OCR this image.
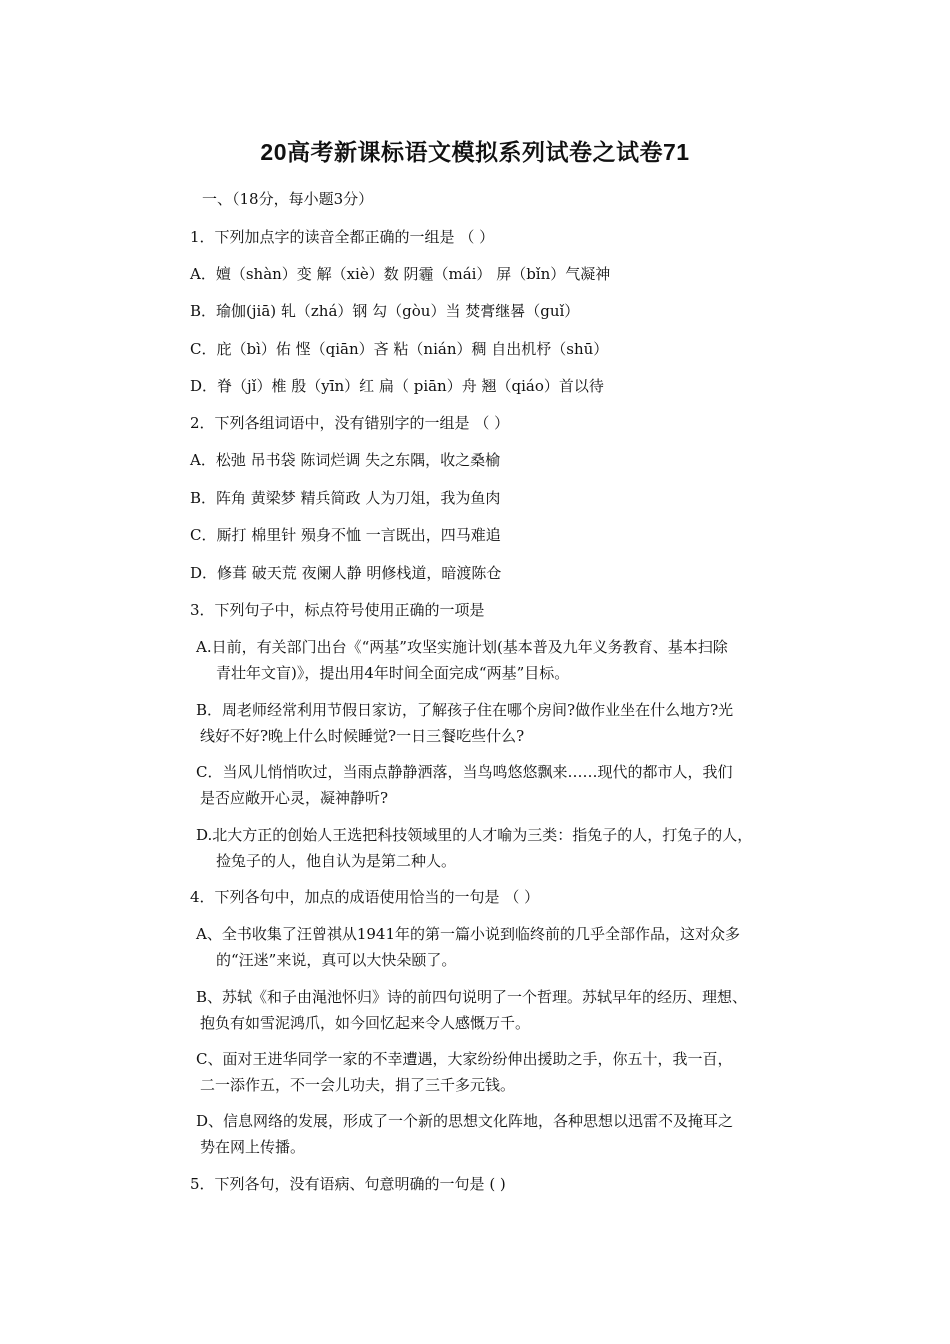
20高考新课标语文模拟系列试卷之试卷71
一、（18分，每小题3分）
1．下列加点字的读音全都正确的一组是 （ ）
A．嬗（shàn）变 解（xiè）数 阴霾（mái） 屏（bǐn）气凝神
B．瑜伽(jiā) 轧（zhá）钢 勾（gòu）当 焚膏继晷（guǐ）
C．庇（bì）佑 悭（qiān）吝 粘（nián）稠 自出机杼（shū）
D．脊（jǐ）椎 殷（yīn）红 扁（ piān）舟 翘（qiáo）首以待
2．下列各组词语中，没有错别字的一组是 （ ）
A．松弛 吊书袋 陈词烂调 失之东隅，收之桑榆
B．阵角 黄梁梦 精兵简政 人为刀俎，我为鱼肉
C．厮打 棉里针 殒身不恤 一言既出，四马难追
D．修葺 破天荒 夜阑人静 明修栈道，暗渡陈仓
3．下列句子中，标点符号使用正确的一项是
A.日前，有关部门出台《“两基”攻坚实施计划(基本普及九年义务教育、基本扫除
青壮年文盲)》，提出用4年时间全面完成“两基”目标。
B．周老师经常利用节假日家访，了解孩子住在哪个房间?做作业坐在什么地方?光
线好不好?晚上什么时候睡觉?一日三餐吃些什么?
C．当风儿悄悄吹过，当雨点静静洒落，当鸟鸣悠悠飘来……现代的都市人，我们
是否应敞开心灵，凝神静听?
D.北大方正的创始人王选把科技领域里的人才喻为三类：指兔子的人，打兔子的人，
捡兔子的人，他自认为是第二种人。
4．下列各句中，加点的成语使用恰当的一句是 （ ）
A、全书收集了汪曾祺从1941年的第一篇小说到临终前的几乎全部作品，这对众多
的“汪迷”来说，真可以大快朵颐了。
B、苏轼《和子由渑池怀归》诗的前四句说明了一个哲理。苏轼早年的经历、理想、
抱负有如雪泥鸿爪，如今回忆起来令人感慨万千。
C、面对王进华同学一家的不幸遭遇，大家纷纷伸出援助之手，你五十，我一百，
二一添作五，不一会儿功夫，捐了三千多元钱。
D、信息网络的发展，形成了一个新的思想文化阵地，各种思想以迅雷不及掩耳之
势在网上传播。
5．下列各句，没有语病、句意明确的一句是 ( )
